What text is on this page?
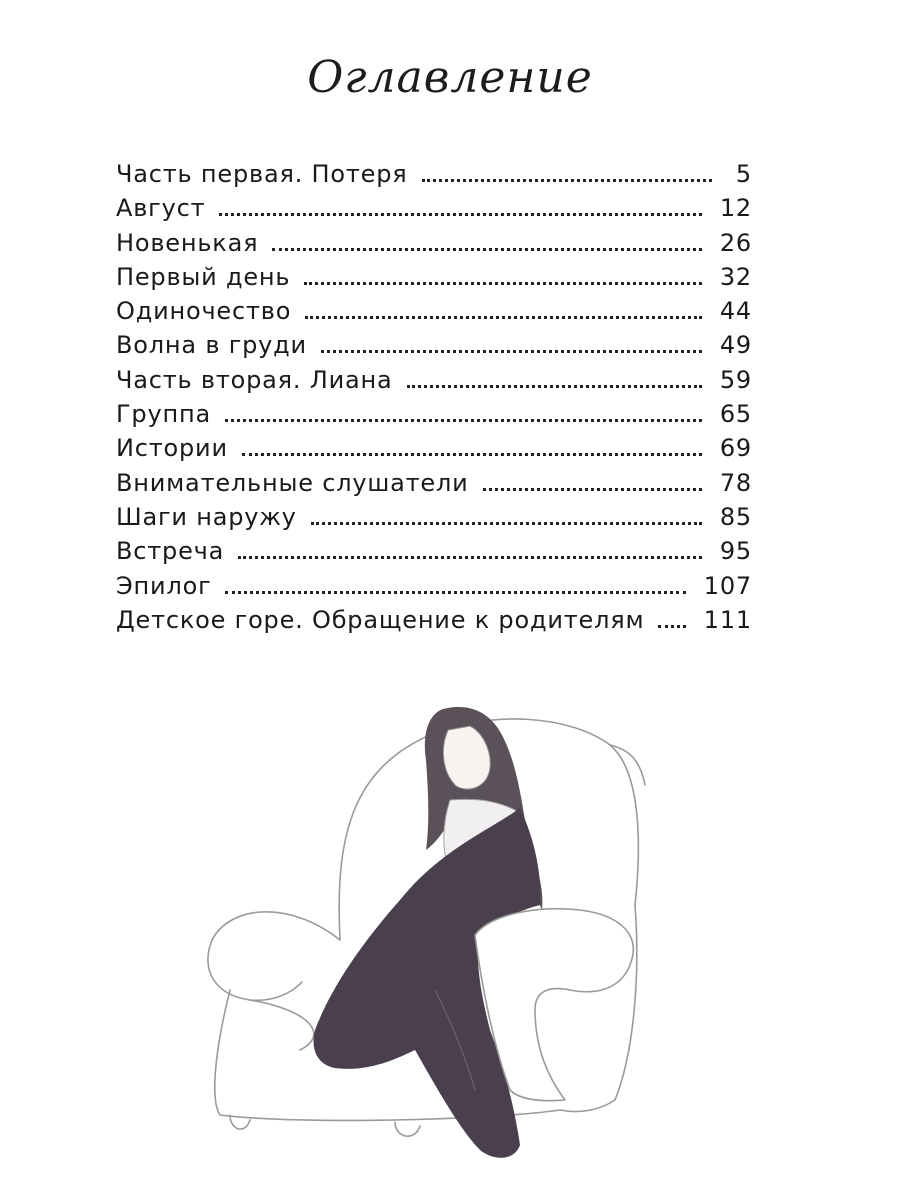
Оглавление
Часть первая. Потеря	5
Август	12
Новенькая	26
Первый день	32
Одиночество	44
Волна в груди	49
Часть вторая. Лиана	59
Группа	65
Истории	69
Внимательные слушатели	78
Шаги наружу	85
Встреча	95
Эпилог	107
Детское горе. Обращение к родителям	111
